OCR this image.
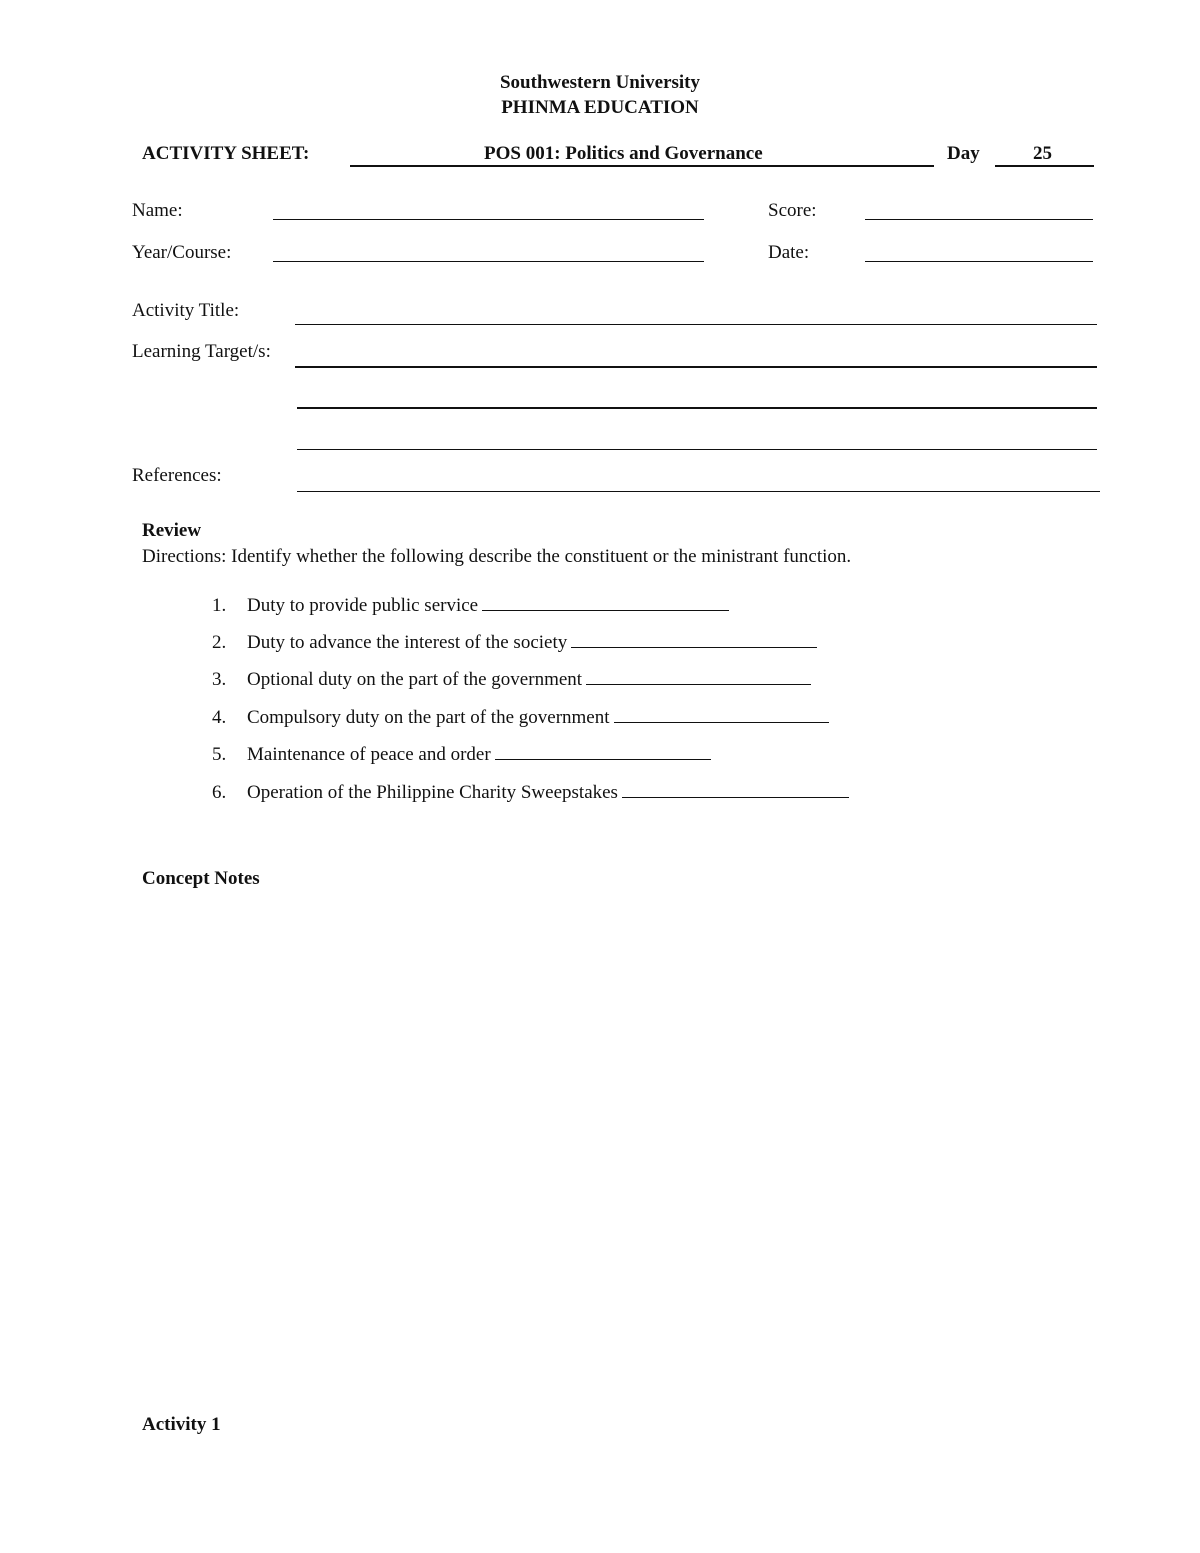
Southwestern University
PHINMA EDUCATION
ACTIVITY SHEET:	POS 001: Politics and Governance	Day	25
Name:	Score:
Year/Course:	Date:
Activity Title:
Learning Target/s:
References:
Review
Directions: Identify whether the following describe the constituent or the ministrant function.
1. Duty to provide public service
2. Duty to advance the interest of the society
3. Optional duty on the part of the government
4. Compulsory duty on the part of the government
5. Maintenance of peace and order
6. Operation of the Philippine Charity Sweepstakes
Concept Notes
Activity 1
